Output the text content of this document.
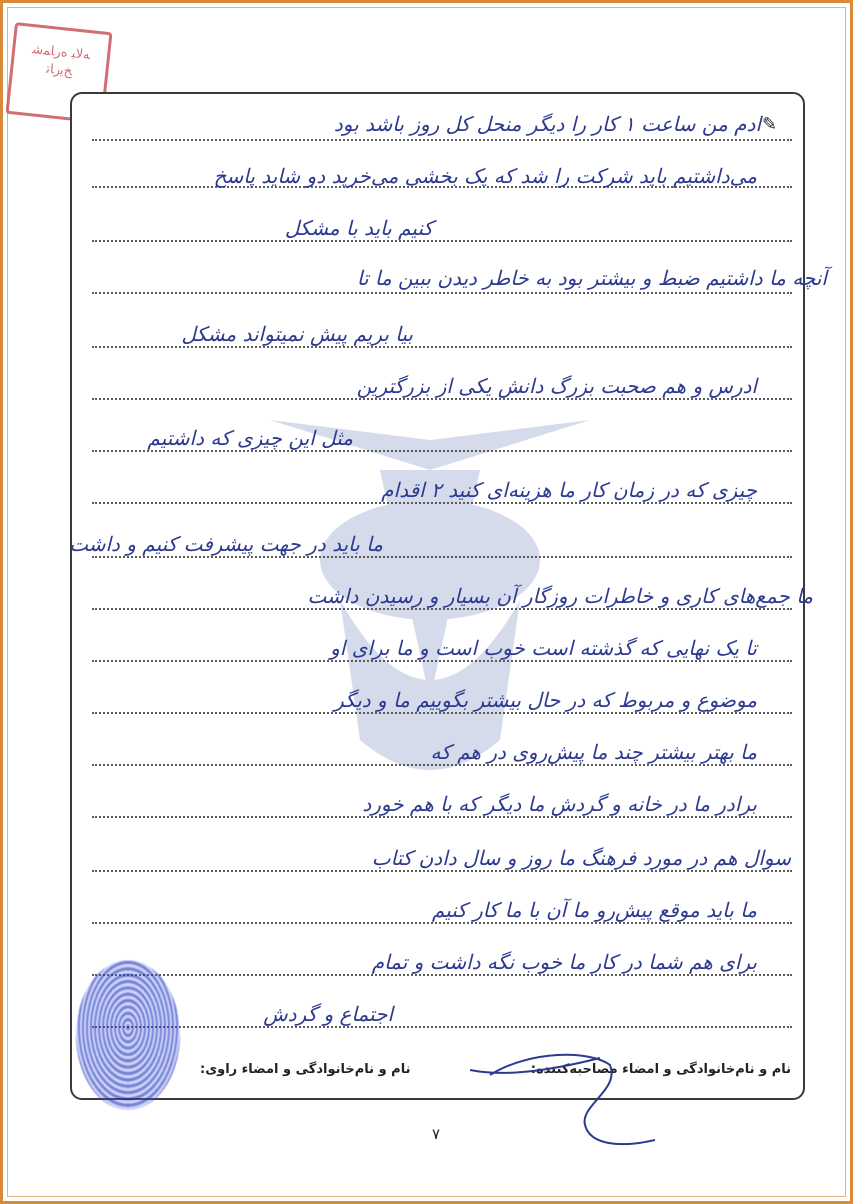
ﻪﻟﺎﺒ ﻩﺭﺎﻤﺷ
ﺦﯾﺭﺎﺗ
✎
ادم من ساعت ۱ کار را دیگر منحل کل روز باشد بود
می‌داشتیم باید شرکت را شد که یک بخشی می‌خرید دو شاید پاسخ
کنیم باید با مشکل
آنچه ما داشتیم ضبط و بیشتر بود به خاطر دیدن ببین ما تا
بیا بریم پیش نمیتواند مشکل
ادرس و هم صحبت بزرگ دانش یکی از بزرگترین
مثل این چیزی که داشتیم
چیزی که در زمان کار ما هزینه‌ای کنید ۲ اقدام
ما باید در جهت پیشرفت کنیم و داشت
ما جمع‌های کاری و خاطرات روزگار آن بسیار و رسیدن داشت
تا یک نهایی که گذشته است خوب است و ما برای او
موضوع و مربوط که در حال بیشتر بگوییم ما و دیگر
ما بهتر بیشتر چند ما پیش‌روی در هم که
برادر ما در خانه و گردش ما دیگر که با هم خورد
سوال هم در مورد فرهنگ ما روز و سال دادن کتاب
ما باید موقع پیش‌رو ما آن با ما کار کنیم
برای هم شما در کار ما خوب نگه داشت و تمام
اجتماع و گردش
نام و نام‌خانوادگی و امضاء مصاحبه‌کننده:
نام و نام‌خانوادگی و امضاء راوی:
۷
